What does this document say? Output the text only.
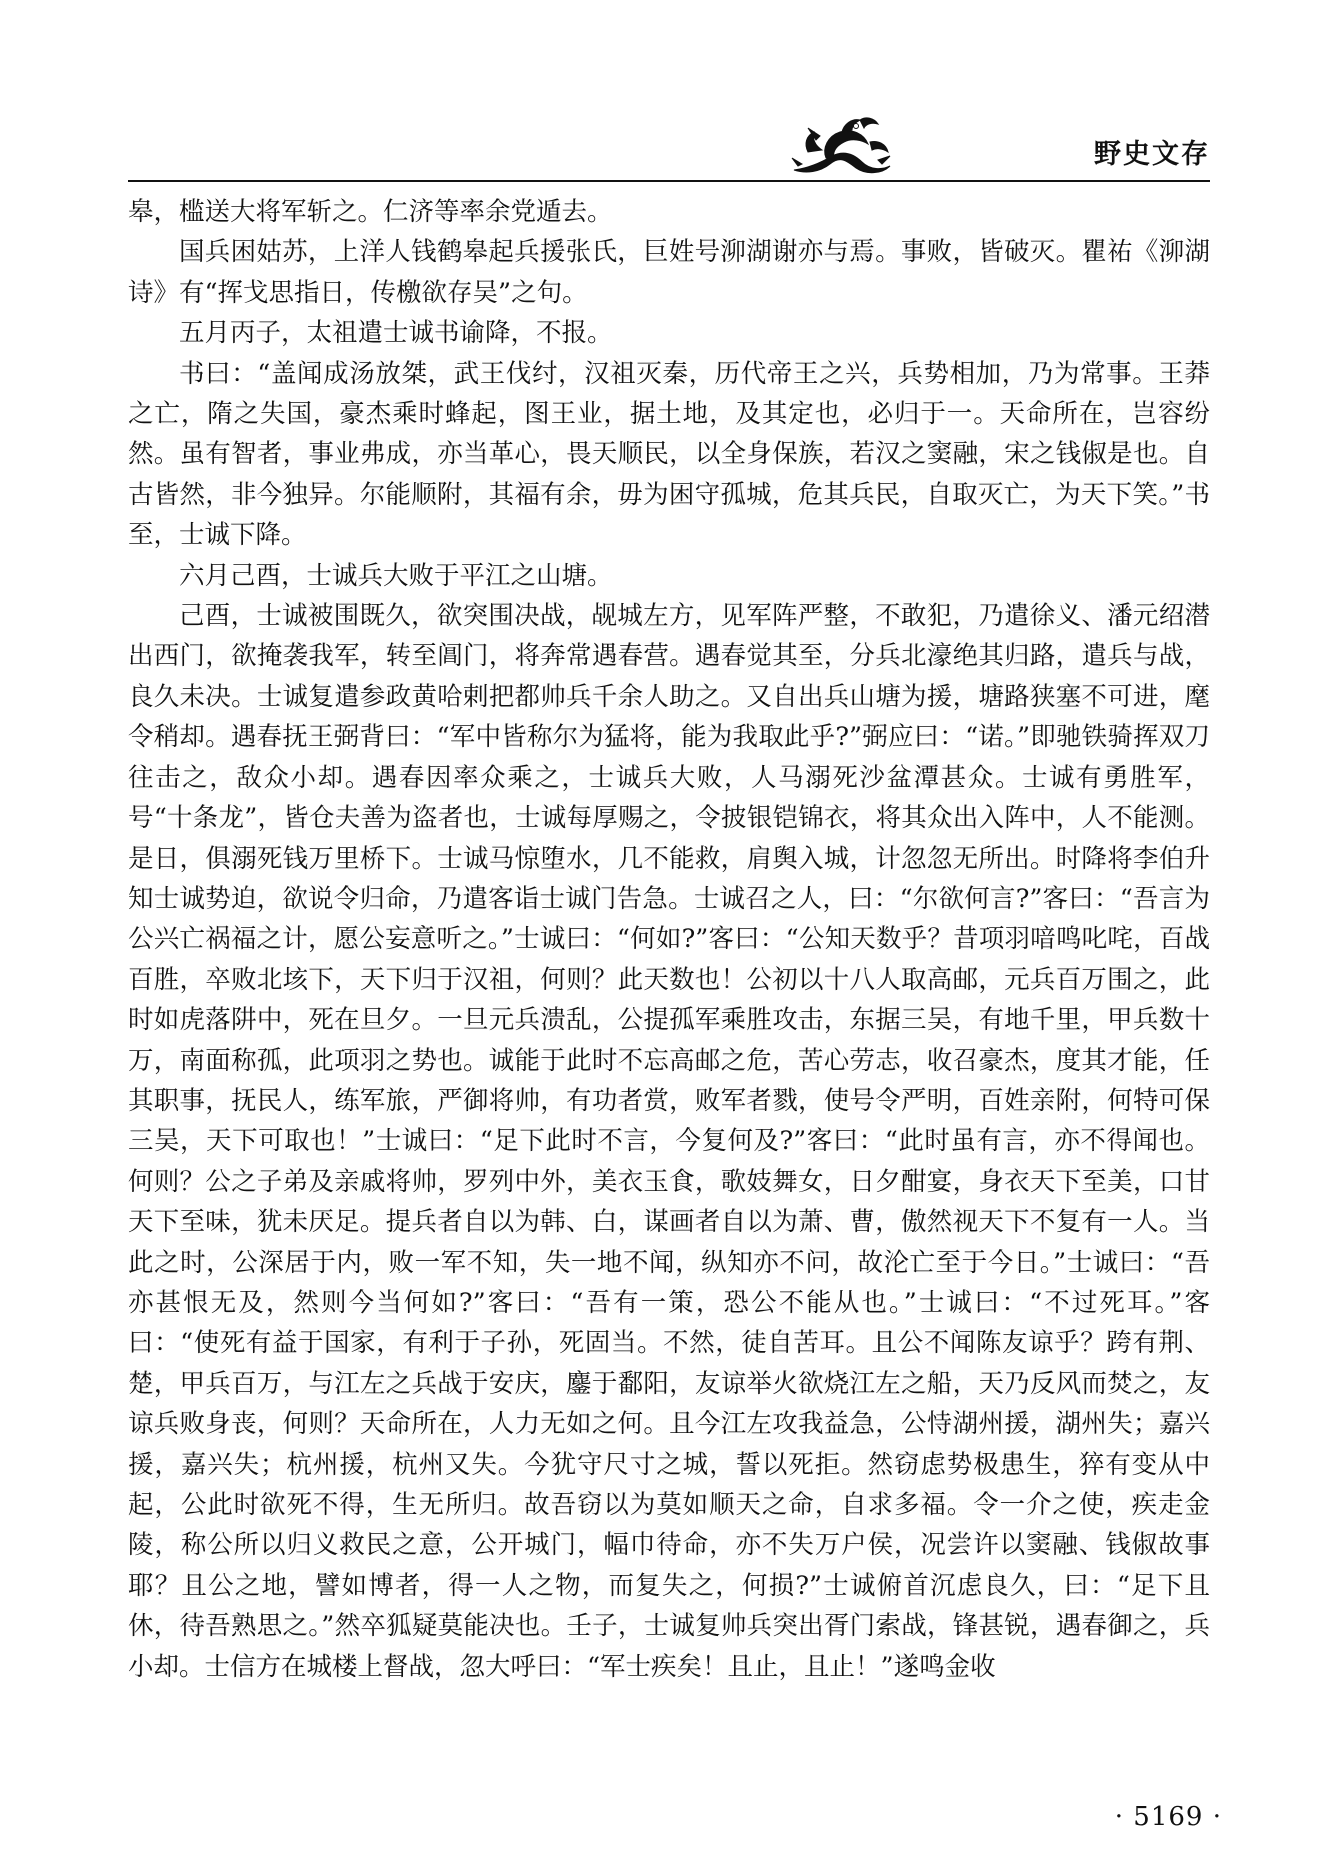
野史文存

皋，槛送大将军斩之。仁济等率余党遁去。

国兵困姑苏，上洋人钱鹤皋起兵援张氏，巨姓号泖湖谢亦与焉。事败，皆破灭。瞿祐《泖湖诗》有“挥戈思指日，传檄欲存吴”之句。

五月丙子，太祖遣士诚书谕降，不报。

书曰：“盖闻成汤放桀，武王伐纣，汉祖灭秦，历代帝王之兴，兵势相加，乃为常事。王莽之亡，隋之失国，豪杰乘时蜂起，图王业，据土地，及其定也，必归于一。天命所在，岂容纷然。虽有智者，事业弗成，亦当革心，畏天顺民，以全身保族，若汉之窦融，宋之钱俶是也。自古皆然，非今独异。尔能顺附，其福有余，毋为困守孤城，危其兵民，自取灭亡，为天下笑。”书至，士诚下降。

六月己酉，士诚兵大败于平江之山塘。

己酉，士诚被围既久，欲突围决战，觇城左方，见军阵严整，不敢犯，乃遣徐义、潘元绍潜出西门，欲掩袭我军，转至阊门，将奔常遇春营。遇春觉其至，分兵北濠绝其归路，遣兵与战，良久未决。士诚复遣参政黄哈剌把都帅兵千余人助之。又自出兵山塘为援，塘路狭塞不可进，麾令稍却。遇春抚王弼背曰：“军中皆称尔为猛将，能为我取此乎?”弼应曰：“诺。”即驰铁骑挥双刀往击之，敌众小却。遇春因率众乘之，士诚兵大败，人马溺死沙盆潭甚众。士诚有勇胜军，号“十条龙”，皆仓夫善为盗者也，士诚每厚赐之，令披银铠锦衣，将其众出入阵中，人不能测。是日，俱溺死钱万里桥下。士诚马惊堕水，几不能救，肩舆入城，计忽忽无所出。时降将李伯升知士诚势迫，欲说令归命，乃遣客诣士诚门告急。士诚召之人，曰：“尔欲何言?”客曰：“吾言为公兴亡祸福之计，愿公妄意听之。”士诚曰：“何如?”客曰：“公知天数乎？昔项羽喑鸣叱咤，百战百胜，卒败北垓下，天下归于汉祖，何则？此天数也！公初以十八人取高邮，元兵百万围之，此时如虎落阱中，死在旦夕。一旦元兵溃乱，公提孤军乘胜攻击，东据三吴，有地千里，甲兵数十万，南面称孤，此项羽之势也。诚能于此时不忘高邮之危，苦心劳志，收召豪杰，度其才能，任其职事，抚民人，练军旅，严御将帅，有功者赏，败军者戮，使号令严明，百姓亲附，何特可保三吴，天下可取也！”士诚曰：“足下此时不言，今复何及?”客曰：“此时虽有言，亦不得闻也。何则？公之子弟及亲戚将帅，罗列中外，美衣玉食，歌妓舞女，日夕酣宴，身衣天下至美，口甘天下至味，犹未厌足。提兵者自以为韩、白，谋画者自以为萧、曹，傲然视天下不复有一人。当此之时，公深居于内，败一军不知，失一地不闻，纵知亦不问，故沦亡至于今日。”士诚曰：“吾亦甚恨无及，然则今当何如?”客曰：“吾有一策，恐公不能从也。”士诚曰：“不过死耳。”客曰：“使死有益于国家，有利于子孙，死固当。不然，徒自苦耳。且公不闻陈友谅乎？跨有荆、楚，甲兵百万，与江左之兵战于安庆，鏖于鄱阳，友谅举火欲烧江左之船，天乃反风而焚之，友谅兵败身丧，何则？天命所在，人力无如之何。且今江左攻我益急，公恃湖州援，湖州失；嘉兴援，嘉兴失；杭州援，杭州又失。今犹守尺寸之城，誓以死拒。然窃虑势极患生，猝有变从中起，公此时欲死不得，生无所归。故吾窃以为莫如顺天之命，自求多福。令一介之使，疾走金陵，称公所以归义救民之意，公开城门，幅巾待命，亦不失万户侯，况尝许以窦融、钱俶故事耶？且公之地，譬如博者，得一人之物，而复失之，何损?”士诚俯首沉虑良久，曰：“足下且休，待吾熟思之。”然卒狐疑莫能决也。壬子，士诚复帅兵突出胥门索战，锋甚锐，遇春御之，兵小却。士信方在城楼上督战，忽大呼曰：“军士疾矣！且止，且止！”遂鸣金收

· 5169 ·
